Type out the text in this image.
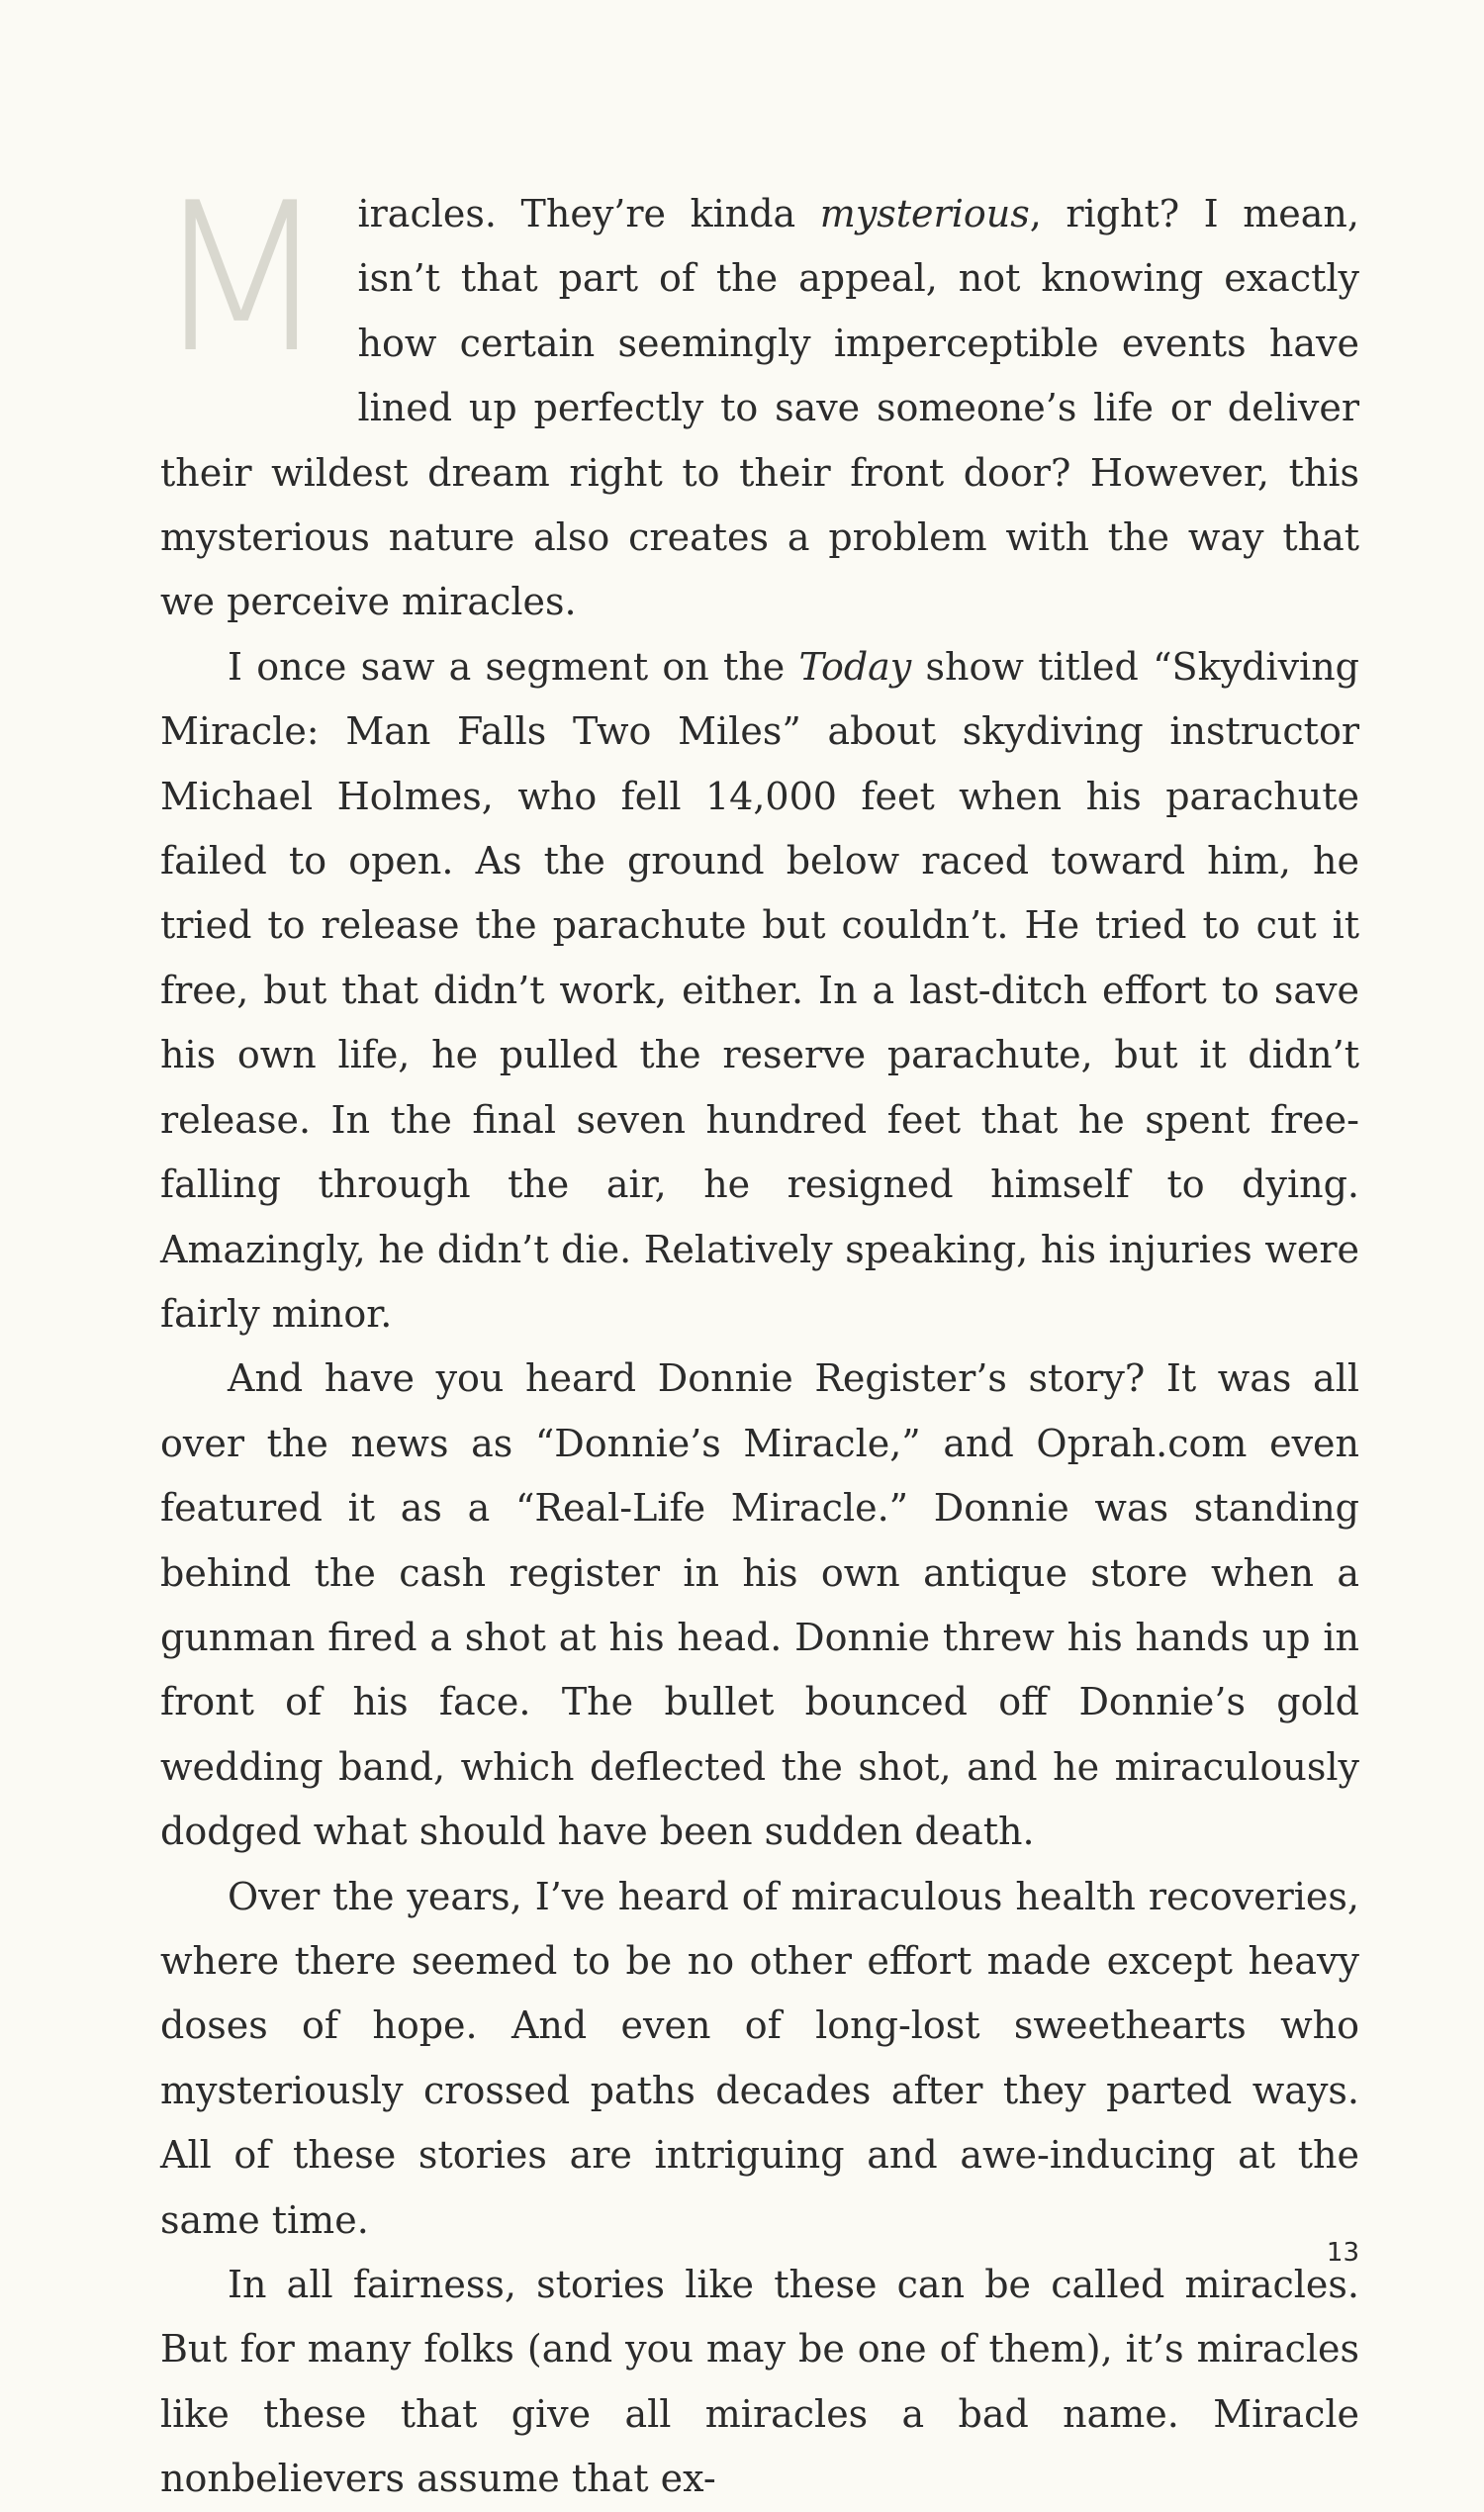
Miracles. They’re kinda mysterious, right? I mean, isn’t that part of the appeal, not knowing exactly how certain seemingly imperceptible events have lined up perfectly to save someone’s life or deliver their wildest dream right to their front door? However, this mysterious nature also creates a problem with the way that we perceive miracles.

I once saw a segment on the Today show titled “Skydiving Miracle: Man Falls Two Miles” about skydiving instructor Michael Holmes, who fell 14,000 feet when his parachute failed to open. As the ground below raced toward him, he tried to release the parachute but couldn’t. He tried to cut it free, but that didn’t work, either. In a last-ditch effort to save his own life, he pulled the reserve parachute, but it didn’t release. In the final seven hundred feet that he spent free-falling through the air, he resigned himself to dying. Amazingly, he didn’t die. Relatively speaking, his injuries were fairly minor.

And have you heard Donnie Register’s story? It was all over the news as “Donnie’s Miracle,” and Oprah.com even featured it as a “Real-Life Miracle.” Donnie was standing behind the cash register in his own antique store when a gunman fired a shot at his head. Donnie threw his hands up in front of his face. The bullet bounced off Donnie’s gold wedding band, which deflected the shot, and he miraculously dodged what should have been sudden death.

Over the years, I’ve heard of miraculous health recoveries, where there seemed to be no other effort made except heavy doses of hope. And even of long-lost sweethearts who mysteriously crossed paths decades after they parted ways. All of these stories are intriguing and awe-inducing at the same time.

In all fairness, stories like these can be called miracles. But for many folks (and you may be one of them), it’s miracles like these that give all miracles a bad name. Miracle nonbelievers assume that ex-

13
